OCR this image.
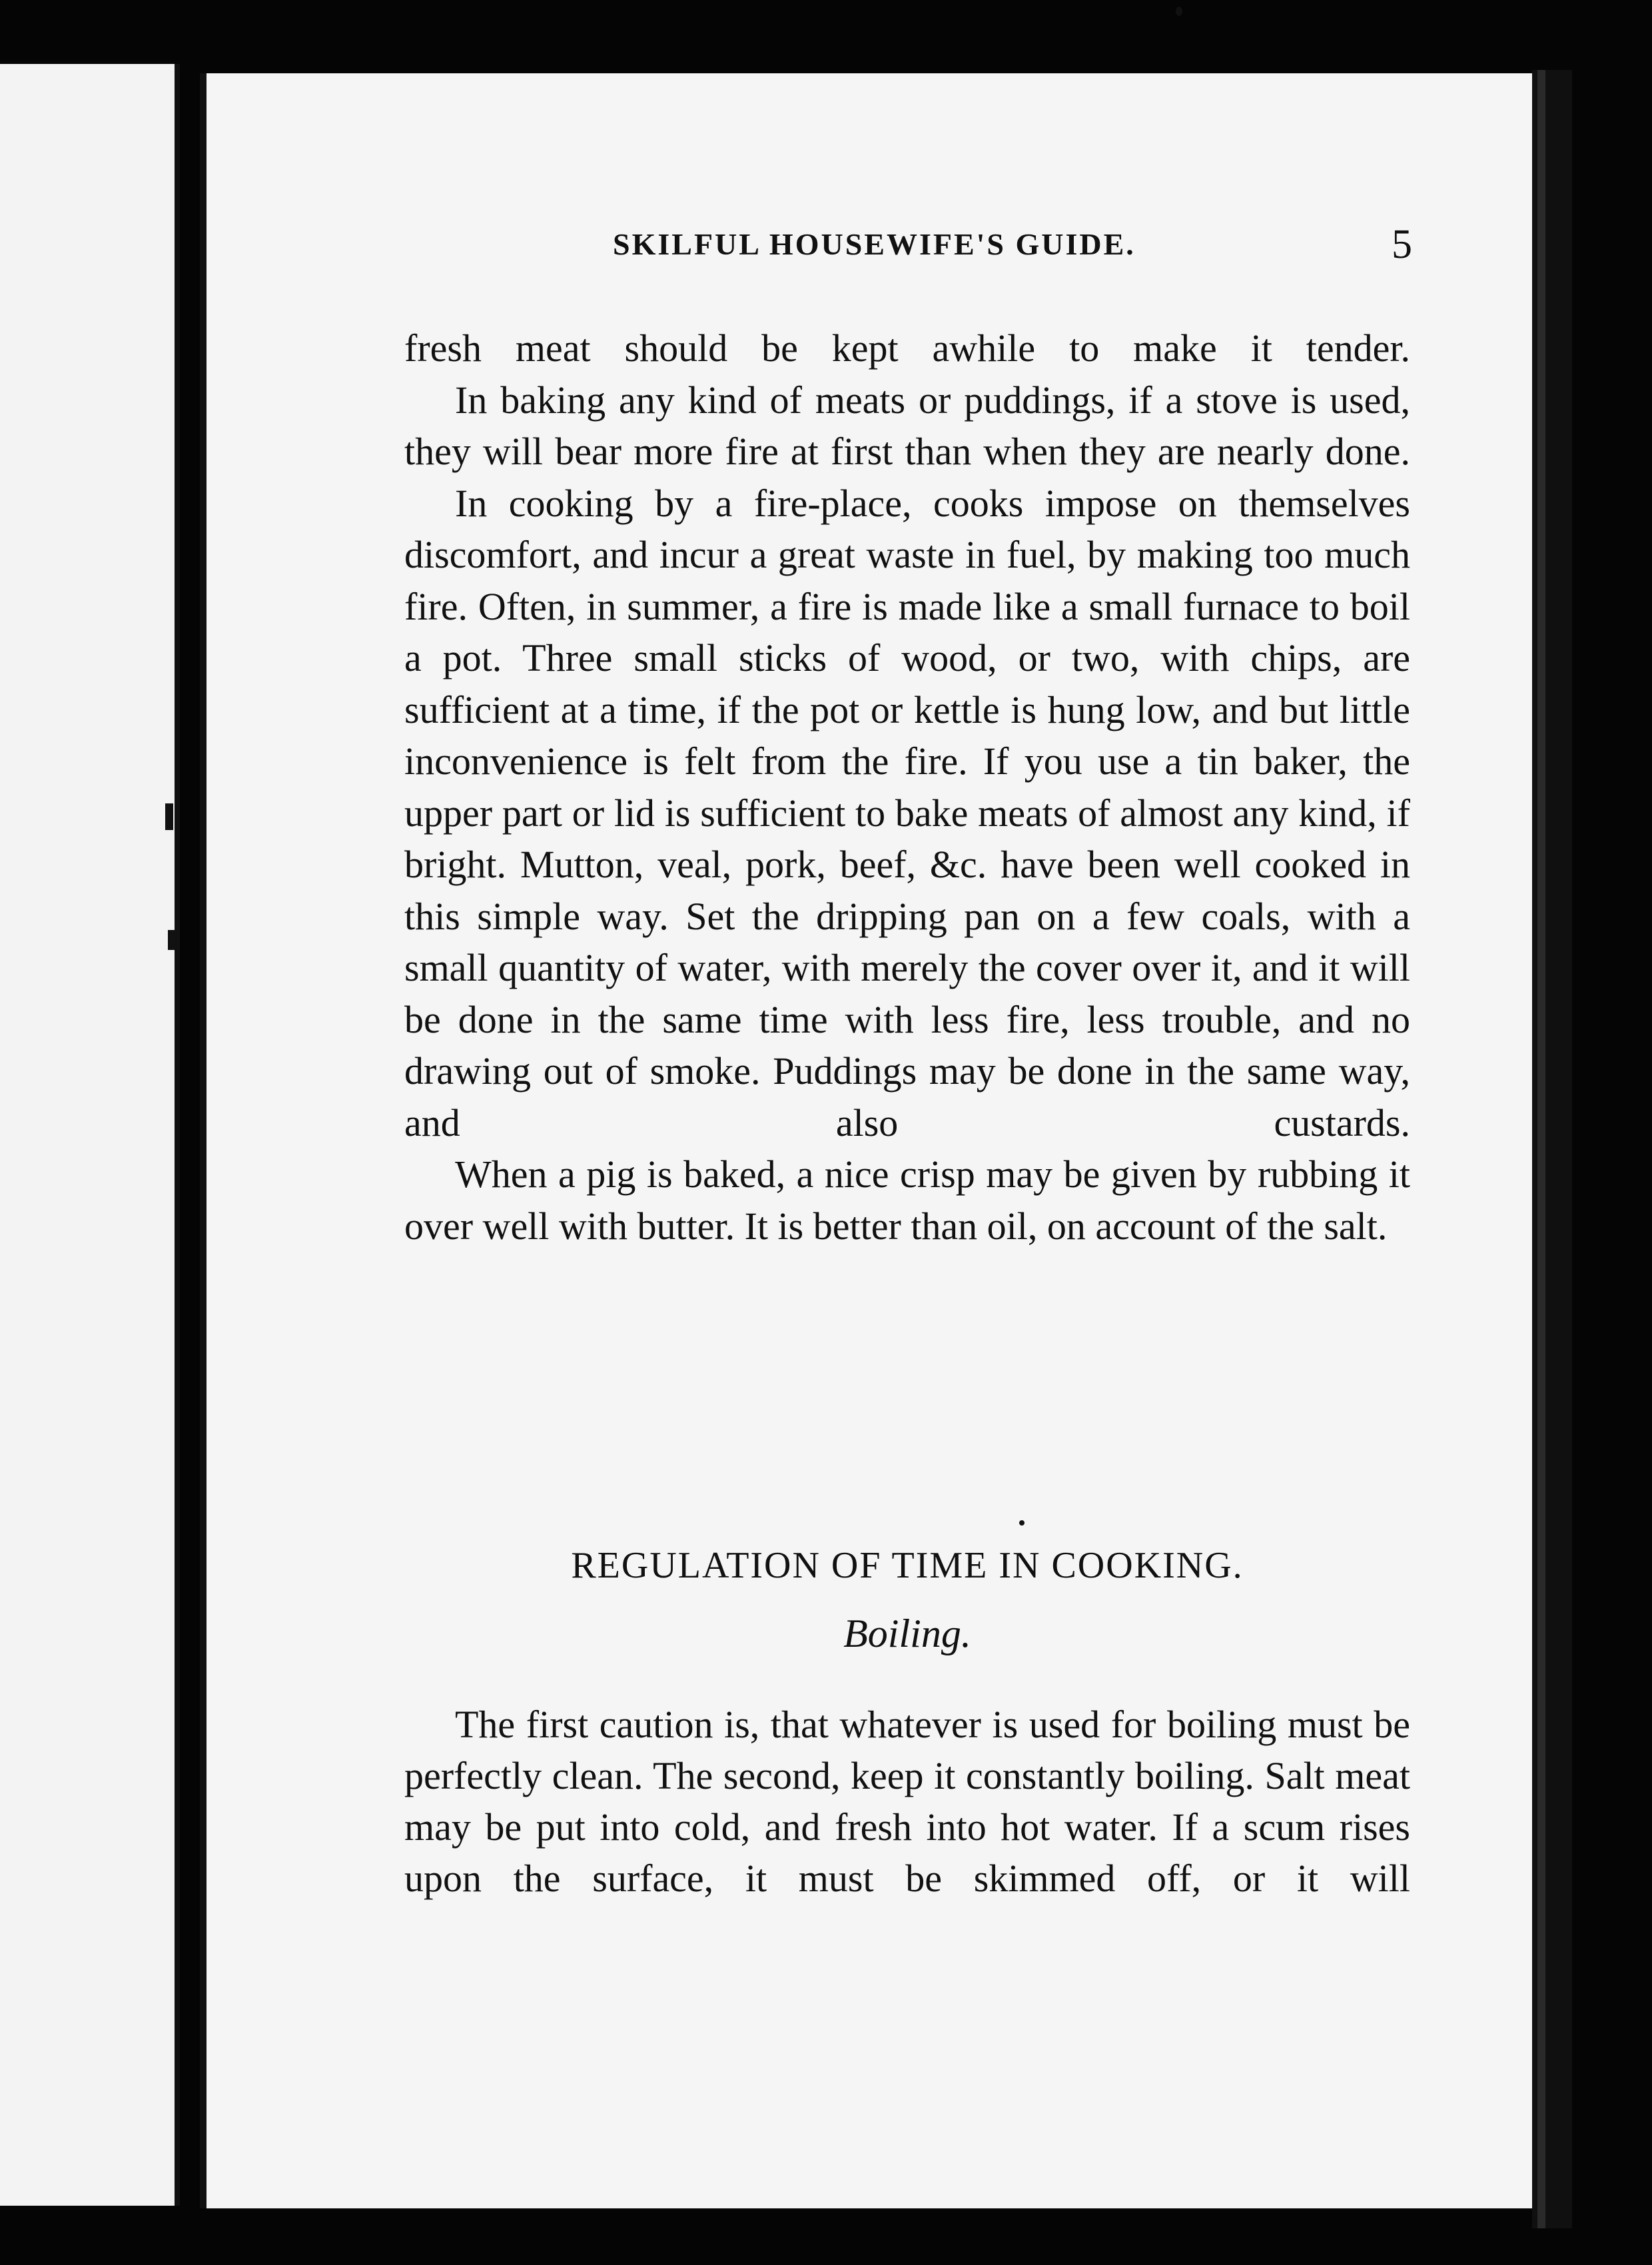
SKILFUL HOUSEWIFE'S GUIDE.	5

fresh meat should be kept awhile to make it tender.

In baking any kind of meats or puddings, if a stove is used, they will bear more fire at first than when they are nearly done.

In cooking by a fire-place, cooks impose on themselves discomfort, and incur a great waste in fuel, by making too much fire. Often, in summer, a fire is made like a small furnace to boil a pot. Three small sticks of wood, or two, with chips, are sufficient at a time, if the pot or kettle is hung low, and but little inconvenience is felt from the fire. If you use a tin baker, the upper part or lid is sufficient to bake meats of almost any kind, if bright. Mutton, veal, pork, beef, &c. have been well cooked in this simple way. Set the dripping pan on a few coals, with a small quantity of water, with merely the cover over it, and it will be done in the same time with less fire, less trouble, and no drawing out of smoke. Puddings may be done in the same way, and also custards.

When a pig is baked, a nice crisp may be given by rubbing it over well with butter. It is better than oil, on account of the salt.

REGULATION OF TIME IN COOKING.
Boiling.

The first caution is, that whatever is used for boiling must be perfectly clean. The second, keep it constantly boiling. Salt meat may be put into cold, and fresh into hot water. If a scum rises upon the surface, it must be skimmed off, or it will
